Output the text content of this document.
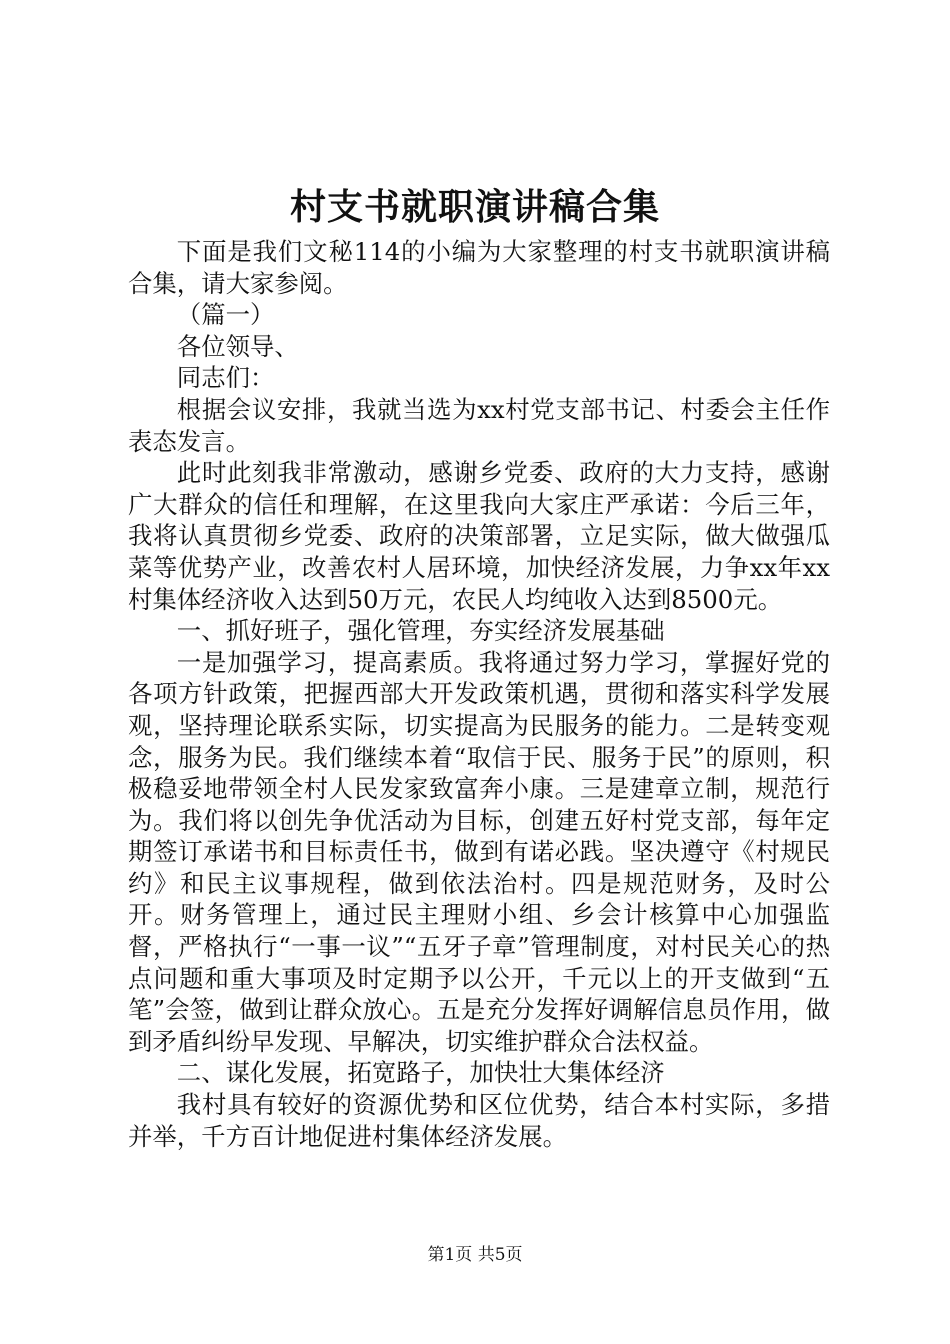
村支书就职演讲稿合集

下面是我们文秘114的小编为大家整理的村支书就职演讲稿合集，请大家参阅。

（篇一）

各位领导、

同志们：

根据会议安排，我就当选为xx村党支部书记、村委会主任作表态发言。

此时此刻我非常激动，感谢乡党委、政府的大力支持，感谢广大群众的信任和理解，在这里我向大家庄严承诺：今后三年，我将认真贯彻乡党委、政府的决策部署，立足实际，做大做强瓜菜等优势产业，改善农村人居环境，加快经济发展，力争xx年xx村集体经济收入达到50万元，农民人均纯收入达到8500元。

一、抓好班子，强化管理，夯实经济发展基础

一是加强学习，提高素质。我将通过努力学习，掌握好党的各项方针政策，把握西部大开发政策机遇，贯彻和落实科学发展观，坚持理论联系实际，切实提高为民服务的能力。二是转变观念，服务为民。我们继续本着“取信于民、服务于民”的原则，积极稳妥地带领全村人民发家致富奔小康。三是建章立制，规范行为。我们将以创先争优活动为目标，创建五好村党支部，每年定期签订承诺书和目标责任书，做到有诺必践。坚决遵守《村规民约》和民主议事规程，做到依法治村。四是规范财务，及时公开。财务管理上，通过民主理财小组、乡会计核算中心加强监督，严格执行“一事一议”“五牙子章”管理制度，对村民关心的热点问题和重大事项及时定期予以公开，千元以上的开支做到“五笔”会签，做到让群众放心。五是充分发挥好调解信息员作用，做到矛盾纠纷早发现、早解决，切实维护群众合法权益。

二、谋化发展，拓宽路子，加快壮大集体经济

我村具有较好的资源优势和区位优势，结合本村实际，多措并举，千方百计地促进村集体经济发展。

第1页 共5页
